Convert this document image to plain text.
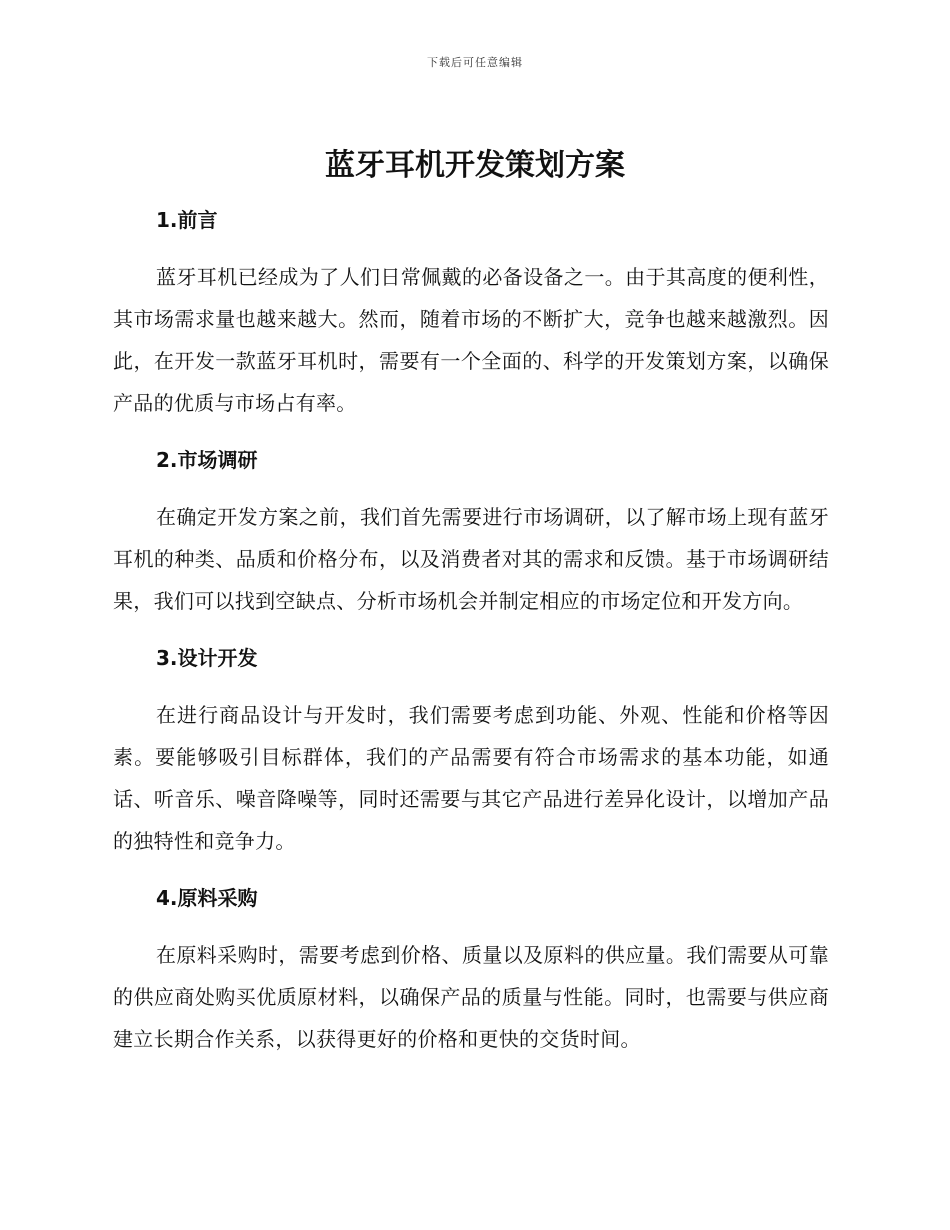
下载后可任意编辑
蓝牙耳机开发策划方案
1.前言

蓝牙耳机已经成为了人们日常佩戴的必备设备之一。由于其高度的便利性，其市场需求量也越来越大。然而，随着市场的不断扩大，竞争也越来越激烈。因此，在开发一款蓝牙耳机时，需要有一个全面的、科学的开发策划方案，以确保产品的优质与市场占有率。

2.市场调研

在确定开发方案之前，我们首先需要进行市场调研，以了解市场上现有蓝牙耳机的种类、品质和价格分布，以及消费者对其的需求和反馈。基于市场调研结果，我们可以找到空缺点、分析市场机会并制定相应的市场定位和开发方向。

3.设计开发

在进行商品设计与开发时，我们需要考虑到功能、外观、性能和价格等因素。要能够吸引目标群体，我们的产品需要有符合市场需求的基本功能，如通话、听音乐、噪音降噪等，同时还需要与其它产品进行差异化设计，以增加产品的独特性和竞争力。

4.原料采购

在原料采购时，需要考虑到价格、质量以及原料的供应量。我们需要从可靠的供应商处购买优质原材料，以确保产品的质量与性能。同时，也需要与供应商建立长期合作关系，以获得更好的价格和更快的交货时间。
